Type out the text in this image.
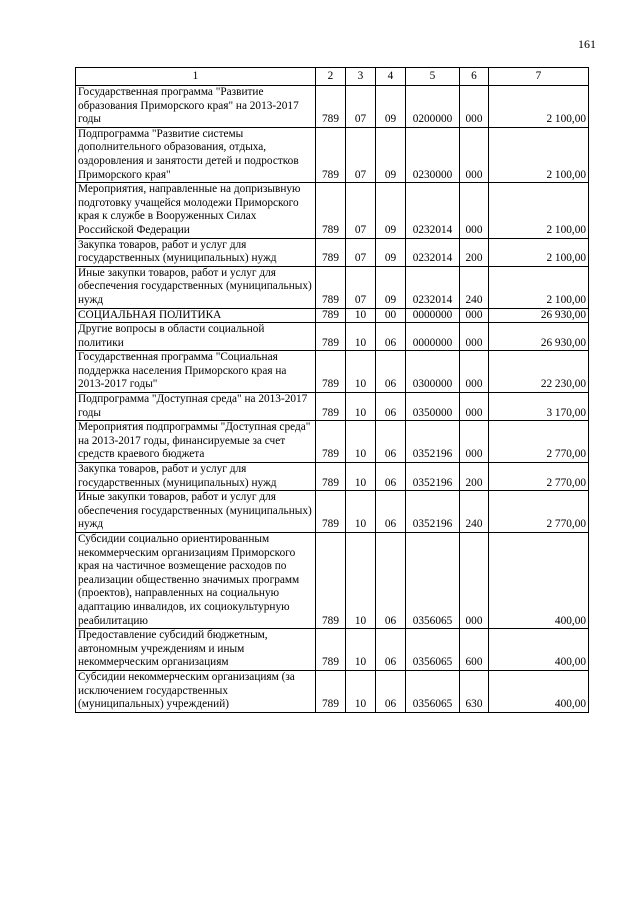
161
1	2	3	4	5	6	7
Государственная программа "Развитие образования Приморского края" на 2013-2017 годы	789	07	09	0200000	000	2 100,00
Подпрограмма "Развитие системы дополнительного образования, отдыха, оздоровления и занятости детей и подростков Приморского края"	789	07	09	0230000	000	2 100,00
Мероприятия, направленные на допризывную подготовку учащейся молодежи Приморского края к службе в Вооруженных Силах Российской Федерации	789	07	09	0232014	000	2 100,00
Закупка товаров, работ и услуг для государственных (муниципальных) нужд	789	07	09	0232014	200	2 100,00
Иные закупки товаров, работ и услуг для обеспечения государственных (муниципальных) нужд	789	07	09	0232014	240	2 100,00
СОЦИАЛЬНАЯ ПОЛИТИКА	789	10	00	0000000	000	26 930,00
Другие вопросы в области социальной политики	789	10	06	0000000	000	26 930,00
Государственная программа "Социальная поддержка населения Приморского края на 2013-2017 годы"	789	10	06	0300000	000	22 230,00
Подпрограмма "Доступная среда" на 2013-2017 годы	789	10	06	0350000	000	3 170,00
Мероприятия подпрограммы "Доступная среда" на 2013-2017 годы, финансируемые за счет средств краевого бюджета	789	10	06	0352196	000	2 770,00
Закупка товаров, работ и услуг для государственных (муниципальных) нужд	789	10	06	0352196	200	2 770,00
Иные закупки товаров, работ и услуг для обеспечения государственных (муниципальных) нужд	789	10	06	0352196	240	2 770,00
Субсидии социально ориентированным некоммерческим организациям Приморского края на частичное возмещение расходов по реализации общественно значимых программ (проектов), направленных на социальную адаптацию инвалидов, их социокультурную реабилитацию	789	10	06	0356065	000	400,00
Предоставление субсидий бюджетным, автономным учреждениям и иным некоммерческим организациям	789	10	06	0356065	600	400,00
Субсидии некоммерческим организациям (за исключением государственных (муниципальных) учреждений)	789	10	06	0356065	630	400,00
